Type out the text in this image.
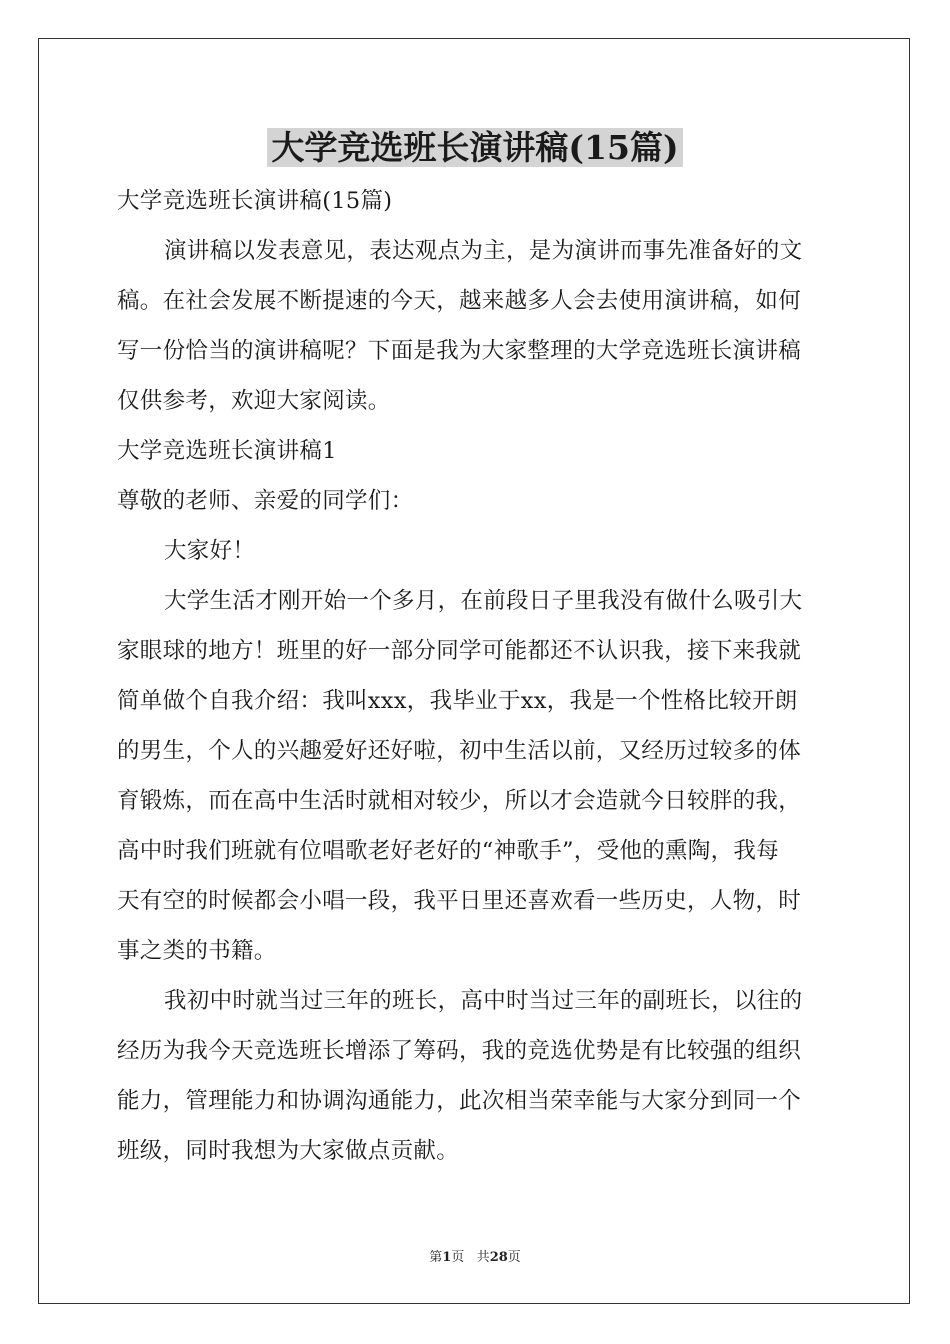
大学竞选班长演讲稿(15篇)

大学竞选班长演讲稿(15篇)

演讲稿以发表意见，表达观点为主，是为演讲而事先准备好的文

稿。在社会发展不断提速的今天，越来越多人会去使用演讲稿，如何

写一份恰当的演讲稿呢？下面是我为大家整理的大学竞选班长演讲稿

仅供参考，欢迎大家阅读。

大学竞选班长演讲稿1

尊敬的老师、亲爱的同学们：

大家好！

大学生活才刚开始一个多月，在前段日子里我没有做什么吸引大

家眼球的地方！班里的好一部分同学可能都还不认识我，接下来我就

简单做个自我介绍：我叫xxx，我毕业于xx，我是一个性格比较开朗

的男生，个人的兴趣爱好还好啦，初中生活以前，又经历过较多的体

育锻炼，而在高中生活时就相对较少，所以才会造就今日较胖的我，

高中时我们班就有位唱歌老好老好的“神歌手”，受他的熏陶，我每

天有空的时候都会小唱一段，我平日里还喜欢看一些历史，人物，时

事之类的书籍。

我初中时就当过三年的班长，高中时当过三年的副班长，以往的

经历为我今天竞选班长增添了筹码，我的竞选优势是有比较强的组织

能力，管理能力和协调沟通能力，此次相当荣幸能与大家分到同一个

班级，同时我想为大家做点贡献。

第1页 共28页
